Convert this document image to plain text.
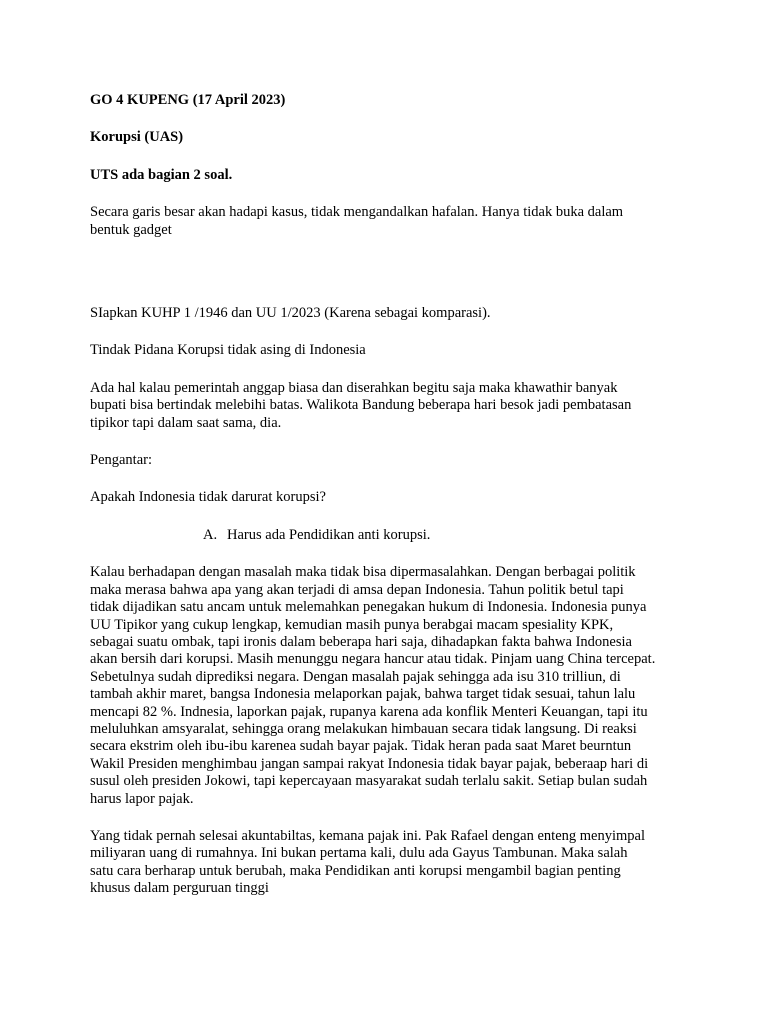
GO 4 KUPENG (17 April 2023)
Korupsi (UAS)
UTS ada bagian 2 soal.
Secara garis besar akan hadapi kasus, tidak mengandalkan hafalan. Hanya tidak buka dalam
bentuk gadget
SIapkan KUHP 1 /1946 dan UU 1/2023 (Karena sebagai komparasi).
Tindak Pidana Korupsi tidak asing di Indonesia
Ada hal kalau pemerintah anggap biasa dan diserahkan begitu saja maka khawathir banyak
bupati bisa bertindak melebihi batas. Walikota Bandung beberapa hari besok jadi pembatasan
tipikor tapi dalam saat sama, dia.
Pengantar:
Apakah Indonesia tidak darurat korupsi?
A. Harus ada Pendidikan anti korupsi.
Kalau berhadapan dengan masalah maka tidak bisa dipermasalahkan. Dengan berbagai politik
maka merasa bahwa apa yang akan terjadi di amsa depan Indonesia. Tahun politik betul tapi
tidak dijadikan satu ancam untuk melemahkan penegakan hukum di Indonesia. Indonesia punya
UU Tipikor yang cukup lengkap, kemudian masih punya berabgai macam spesiality KPK,
sebagai suatu ombak, tapi ironis dalam beberapa hari saja, dihadapkan fakta bahwa Indonesia
akan bersih dari korupsi. Masih menunggu negara hancur atau tidak. Pinjam uang China tercepat.
Sebetulnya sudah diprediksi negara. Dengan masalah pajak sehingga ada isu 310 trilliun, di
tambah akhir maret, bangsa Indonesia melaporkan pajak, bahwa target tidak sesuai, tahun lalu
mencapi 82 %. Indnesia, laporkan pajak, rupanya karena ada konflik Menteri Keuangan, tapi itu
meluluhkan amsyaralat, sehingga orang melakukan himbauan secara tidak langsung. Di reaksi
secara ekstrim oleh ibu-ibu karenea sudah bayar pajak. Tidak heran pada saat Maret beurntun
Wakil Presiden menghimbau jangan sampai rakyat Indonesia tidak bayar pajak, beberaap hari di
susul oleh presiden Jokowi, tapi kepercayaan masyarakat sudah terlalu sakit. Setiap bulan sudah
harus lapor pajak.
Yang tidak pernah selesai akuntabiltas, kemana pajak ini. Pak Rafael dengan enteng menyimpal
miliyaran uang di rumahnya. Ini bukan pertama kali, dulu ada Gayus Tambunan. Maka salah
satu cara berharap untuk berubah, maka Pendidikan anti korupsi mengambil bagian penting
khusus dalam perguruan tinggi
